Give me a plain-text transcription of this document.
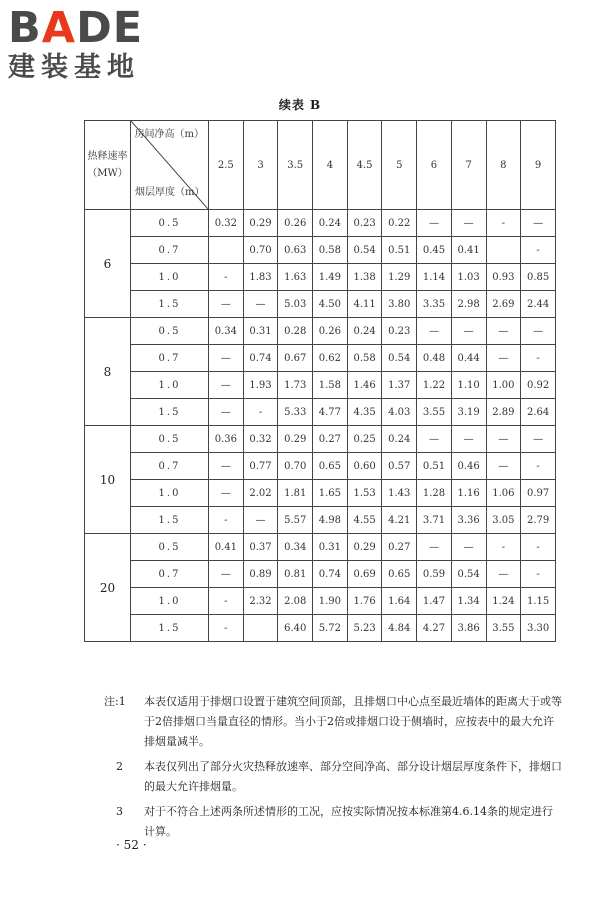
BADE
建装基地
续表 B
热释速率（MW）	房间净高（m）
烟层厚度（m）	2.5	3	3.5	4	4.5	5	6	7	8	9
6	0.5	0.32	0.29	0.26	0.24	0.23	0.22	—	—	-	—
	0.7		0.70	0.63	0.58	0.54	0.51	0.45	0.41		-
	1.0	-	1.83	1.63	1.49	1.38	1.29	1.14	1.03	0.93	0.85
	1.5	—	—	5.03	4.50	4.11	3.80	3.35	2.98	2.69	2.44
8	0.5	0.34	0.31	0.28	0.26	0.24	0.23	—	—	—	—
	0.7	—	0.74	0.67	0.62	0.58	0.54	0.48	0.44	—	-
	1.0	—	1.93	1.73	1.58	1.46	1.37	1.22	1.10	1.00	0.92
	1.5	—	-	5.33	4.77	4.35	4.03	3.55	3.19	2.89	2.64
10	0.5	0.36	0.32	0.29	0.27	0.25	0.24	—	—	—	—
	0.7	—	0.77	0.70	0.65	0.60	0.57	0.51	0.46	—	-
	1.0	—	2.02	1.81	1.65	1.53	1.43	1.28	1.16	1.06	0.97
	1.5	-	—	5.57	4.98	4.55	4.21	3.71	3.36	3.05	2.79
20	0.5	0.41	0.37	0.34	0.31	0.29	0.27	—	—	-	-
	0.7	—	0.89	0.81	0.74	0.69	0.65	0.59	0.54	—	-
	1.0	-	2.32	2.08	1.90	1.76	1.64	1.47	1.34	1.24	1.15
	1.5	-		6.40	5.72	5.23	4.84	4.27	3.86	3.55	3.30
注:1	本表仅适用于排烟口设置于建筑空间顶部，且排烟口中心点至最近墙体的距离大于或等于2倍排烟口当量直径的情形。当小于2倍或排烟口设于侧墙时，应按表中的最大允许排烟量减半。
2	本表仅列出了部分火灾热释放速率、部分空间净高、部分设计烟层厚度条件下，排烟口的最大允许排烟量。
3	对于不符合上述两条所述情形的工况，应按实际情况按本标准第4.6.14条的规定进行计算。
· 52 ·
